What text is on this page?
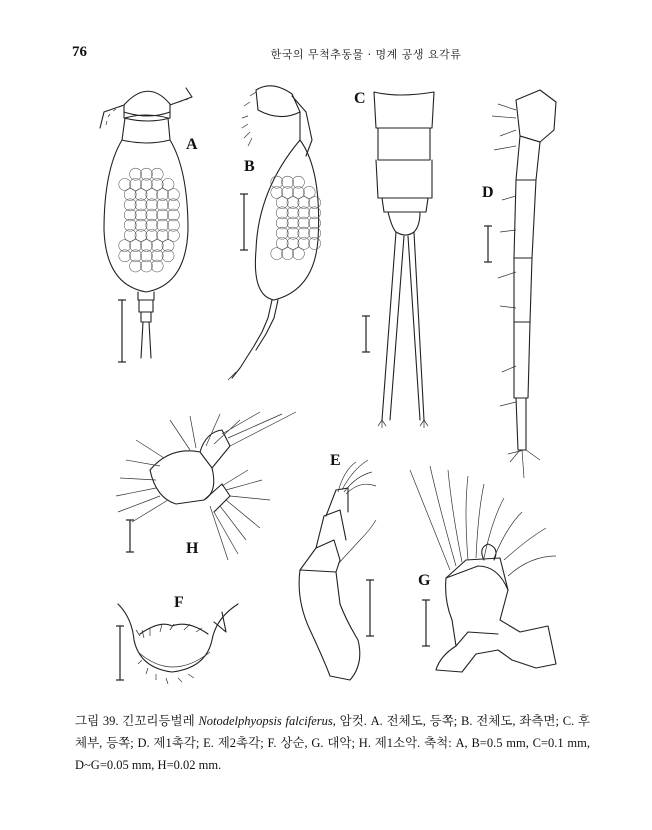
76	한국의 무척추동물 · 명계 공생 요각류
A
B
C
D
E
F
G
H
그림 39. 긴꼬리등벌레 Notodelphyopsis falciferus, 암컷. A. 전체도, 등쪽; B. 전체도, 좌측면; C. 후체부, 등쪽; D. 제1촉각; E. 제2촉각; F. 상순, G. 대악; H. 제1소악. 축척: A, B=0.5 mm, C=0.1 mm, D~G=0.05 mm, H=0.02 mm.
